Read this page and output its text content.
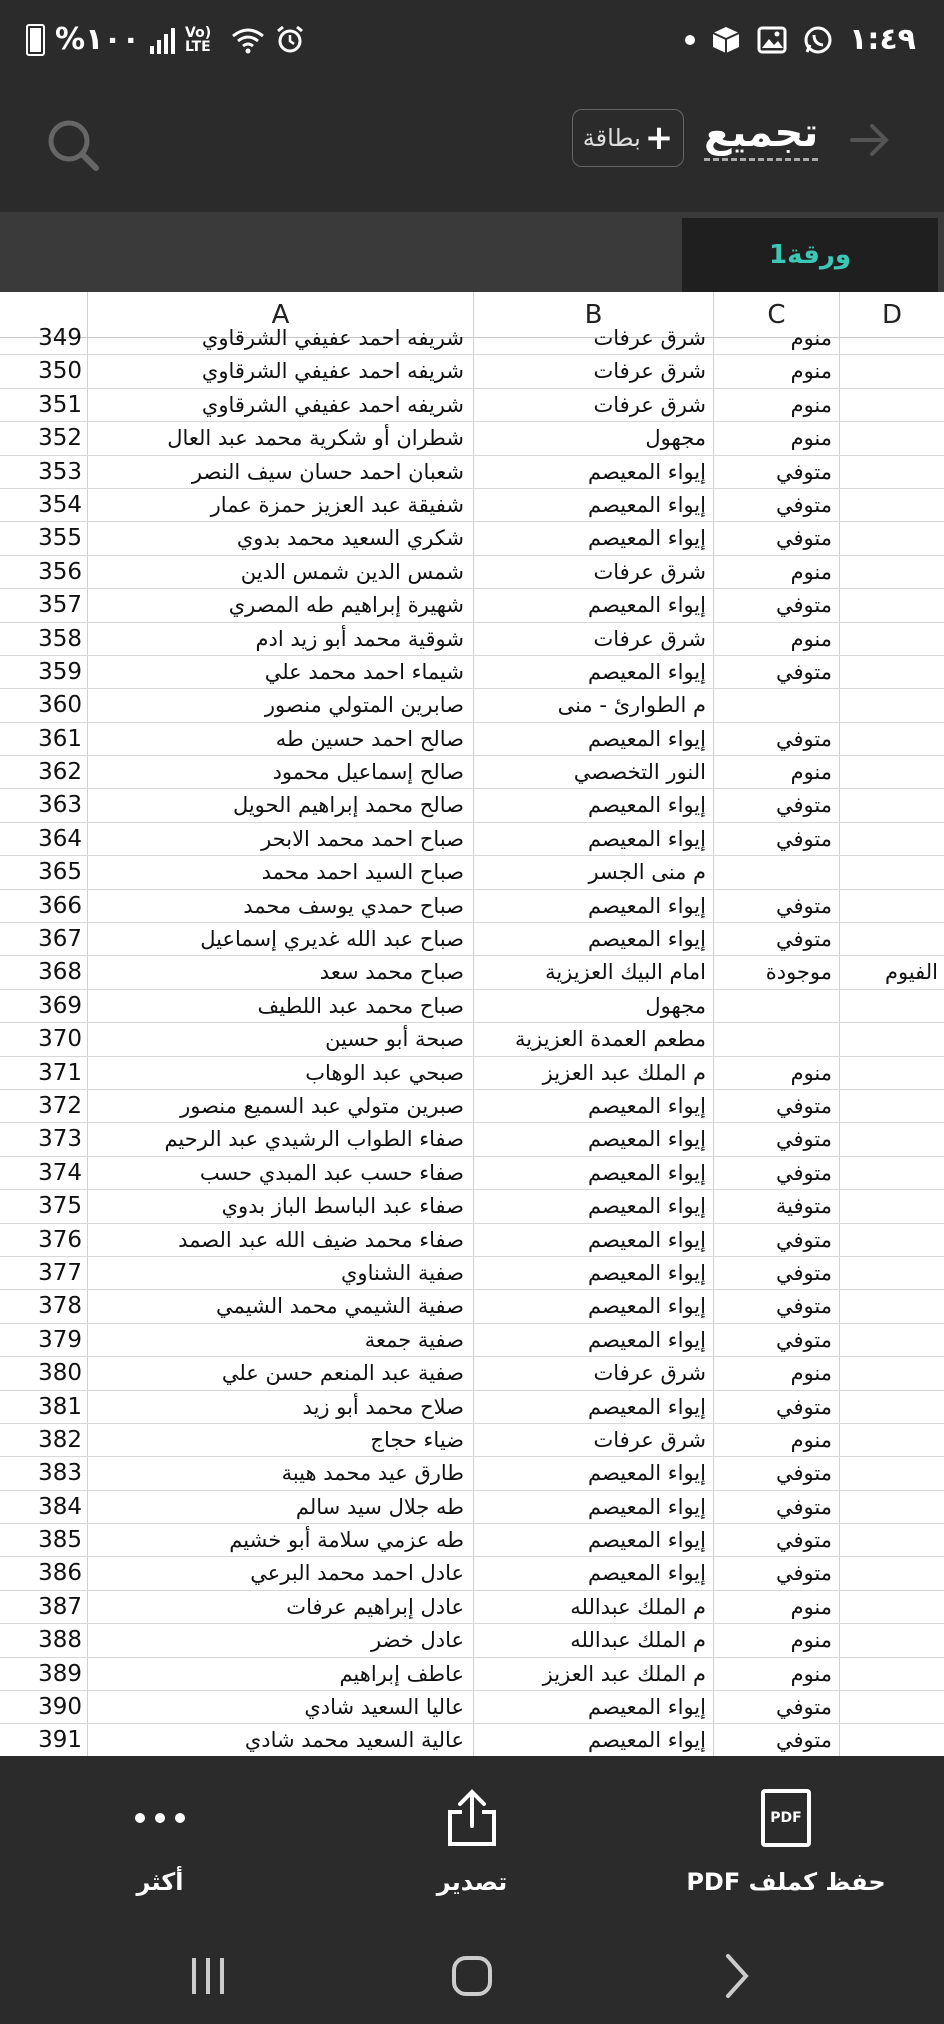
%١٠٠	Vo) LTE	١:٤٩
بطاقة + تجميع
ورقة1
A	B	C	D
349	شريفه احمد عفيفي الشرقاوي	شرق عرفات	منوم
350	شريفه احمد عفيفي الشرقاوي	شرق عرفات	منوم
351	شريفه احمد عفيفي الشرقاوي	شرق عرفات	منوم
352	شطران أو شكرية محمد عبد العال	مجهول	منوم
353	شعبان احمد حسان سيف النصر	إيواء المعيصم	متوفي
354	شفيقة عبد العزيز حمزة عمار	إيواء المعيصم	متوفي
355	شكري السعيد محمد بدوي	إيواء المعيصم	متوفي
356	شمس الدين شمس الدين	شرق عرفات	منوم
357	شهيرة إبراهيم طه المصري	إيواء المعيصم	متوفي
358	شوقية محمد أبو زيد ادم	شرق عرفات	منوم
359	شيماء احمد محمد علي	إيواء المعيصم	متوفي
360	صابرين المتولي منصور	م الطوارئ - منى
361	صالح احمد حسين طه	إيواء المعيصم	متوفي
362	صالح إسماعيل محمود	النور التخصصي	منوم
363	صالح محمد إبراهيم الحويل	إيواء المعيصم	متوفي
364	صباح احمد محمد الابحر	إيواء المعيصم	متوفي
365	صباح السيد احمد محمد	م منى الجسر
366	صباح حمدي يوسف محمد	إيواء المعيصم	متوفي
367	صباح عبد الله غديري إسماعيل	إيواء المعيصم	متوفي
368	صباح محمد سعد	امام البيك العزيزية	موجودة	الفيوم
369	صباح محمد عبد اللطيف	مجهول
370	صبحة أبو حسين	مطعم العمدة العزيزية
371	صبحي عبد الوهاب	م الملك عبد العزيز	منوم
372	صبرين متولي عبد السميع منصور	إيواء المعيصم	متوفي
373	صفاء الطواب الرشيدي عبد الرحيم	إيواء المعيصم	متوفي
374	صفاء حسب عبد المبدي حسب	إيواء المعيصم	متوفي
375	صفاء عبد الباسط الباز بدوي	إيواء المعيصم	متوفية
376	صفاء محمد ضيف الله عبد الصمد	إيواء المعيصم	متوفي
377	صفية الشناوي	إيواء المعيصم	متوفي
378	صفية الشيمي محمد الشيمي	إيواء المعيصم	متوفي
379	صفية جمعة	إيواء المعيصم	متوفي
380	صفية عبد المنعم حسن علي	شرق عرفات	منوم
381	صلاح محمد أبو زيد	إيواء المعيصم	متوفي
382	ضياء حجاج	شرق عرفات	منوم
383	طارق عيد محمد هيبة	إيواء المعيصم	متوفي
384	طه جلال سيد سالم	إيواء المعيصم	متوفي
385	طه عزمي سلامة أبو خشيم	إيواء المعيصم	متوفي
386	عادل احمد محمد البرعي	إيواء المعيصم	متوفي
387	عادل إبراهيم عرفات	م الملك عبدالله	منوم
388	عادل خضر	م الملك عبدالله	منوم
389	عاطف إبراهيم	م الملك عبد العزيز	منوم
390	عاليا السعيد شادي	إيواء المعيصم	متوفي
391	عالية السعيد محمد شادي	إيواء المعيصم	متوفي
أكثر	تصدير
PDF
حفظ كملف PDF
